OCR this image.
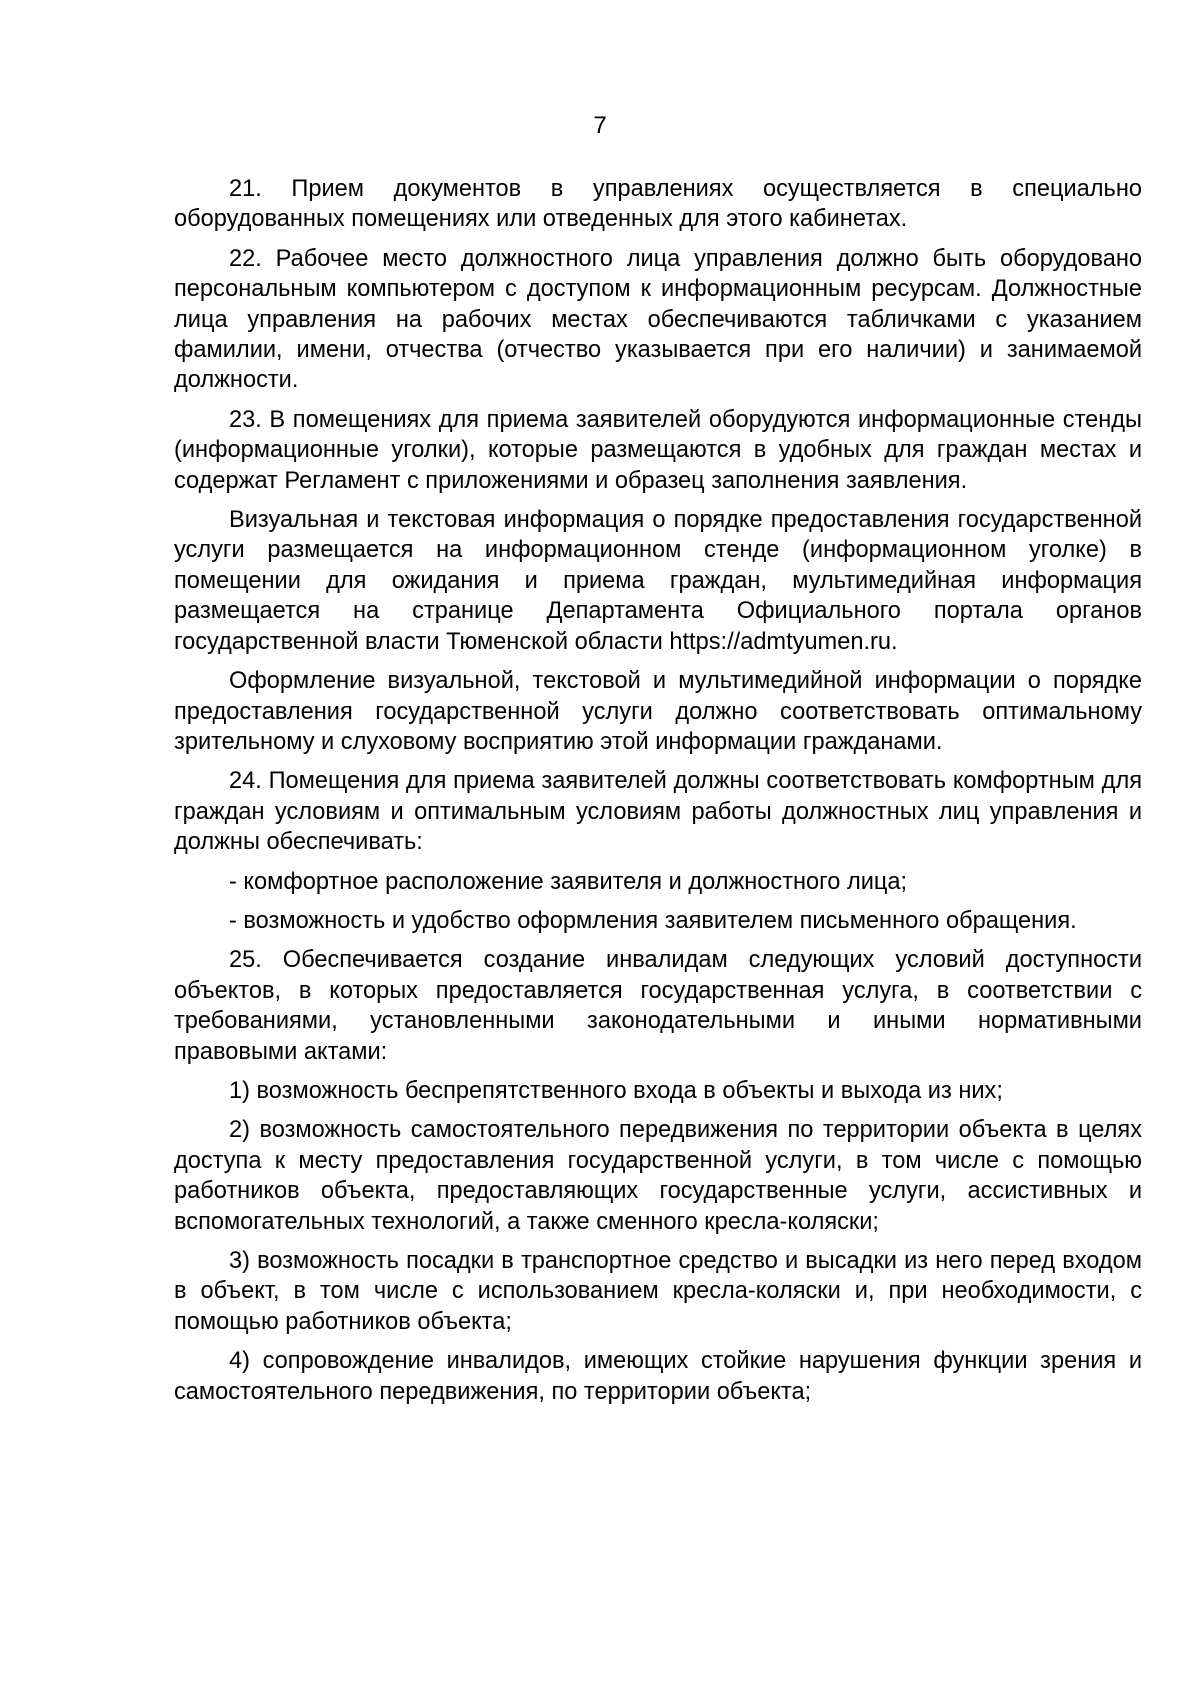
7

21. Прием документов в управлениях осуществляется в специально оборудованных помещениях или отведенных для этого кабинетах.

22. Рабочее место должностного лица управления должно быть оборудовано персональным компьютером с доступом к информационным ресурсам. Должностные лица управления на рабочих местах обеспечиваются табличками с указанием фамилии, имени, отчества (отчество указывается при его наличии) и занимаемой должности.

23. В помещениях для приема заявителей оборудуются информационные стенды (информационные уголки), которые размещаются в удобных для граждан местах и содержат Регламент с приложениями и образец заполнения заявления.

Визуальная и текстовая информация о порядке предоставления государственной услуги размещается на информационном стенде (информационном уголке) в помещении для ожидания и приема граждан, мультимедийная информация размещается на странице Департамента Официального портала органов государственной власти Тюменской области https://admtyumen.ru.

Оформление визуальной, текстовой и мультимедийной информации о порядке предоставления государственной услуги должно соответствовать оптимальному зрительному и слуховому восприятию этой информации гражданами.

24. Помещения для приема заявителей должны соответствовать комфортным для граждан условиям и оптимальным условиям работы должностных лиц управления и должны обеспечивать:

- комфортное расположение заявителя и должностного лица;

- возможность и удобство оформления заявителем письменного обращения.

25. Обеспечивается создание инвалидам следующих условий доступности объектов, в которых предоставляется государственная услуга, в соответствии с требованиями, установленными законодательными и иными нормативными правовыми актами:

1) возможность беспрепятственного входа в объекты и выхода из них;

2) возможность самостоятельного передвижения по территории объекта в целях доступа к месту предоставления государственной услуги, в том числе с помощью работников объекта, предоставляющих государственные услуги, ассистивных и вспомогательных технологий, а также сменного кресла-коляски;

3) возможность посадки в транспортное средство и высадки из него перед входом в объект, в том числе с использованием кресла-коляски и, при необходимости, с помощью работников объекта;

4) сопровождение инвалидов, имеющих стойкие нарушения функции зрения и самостоятельного передвижения, по территории объекта;
